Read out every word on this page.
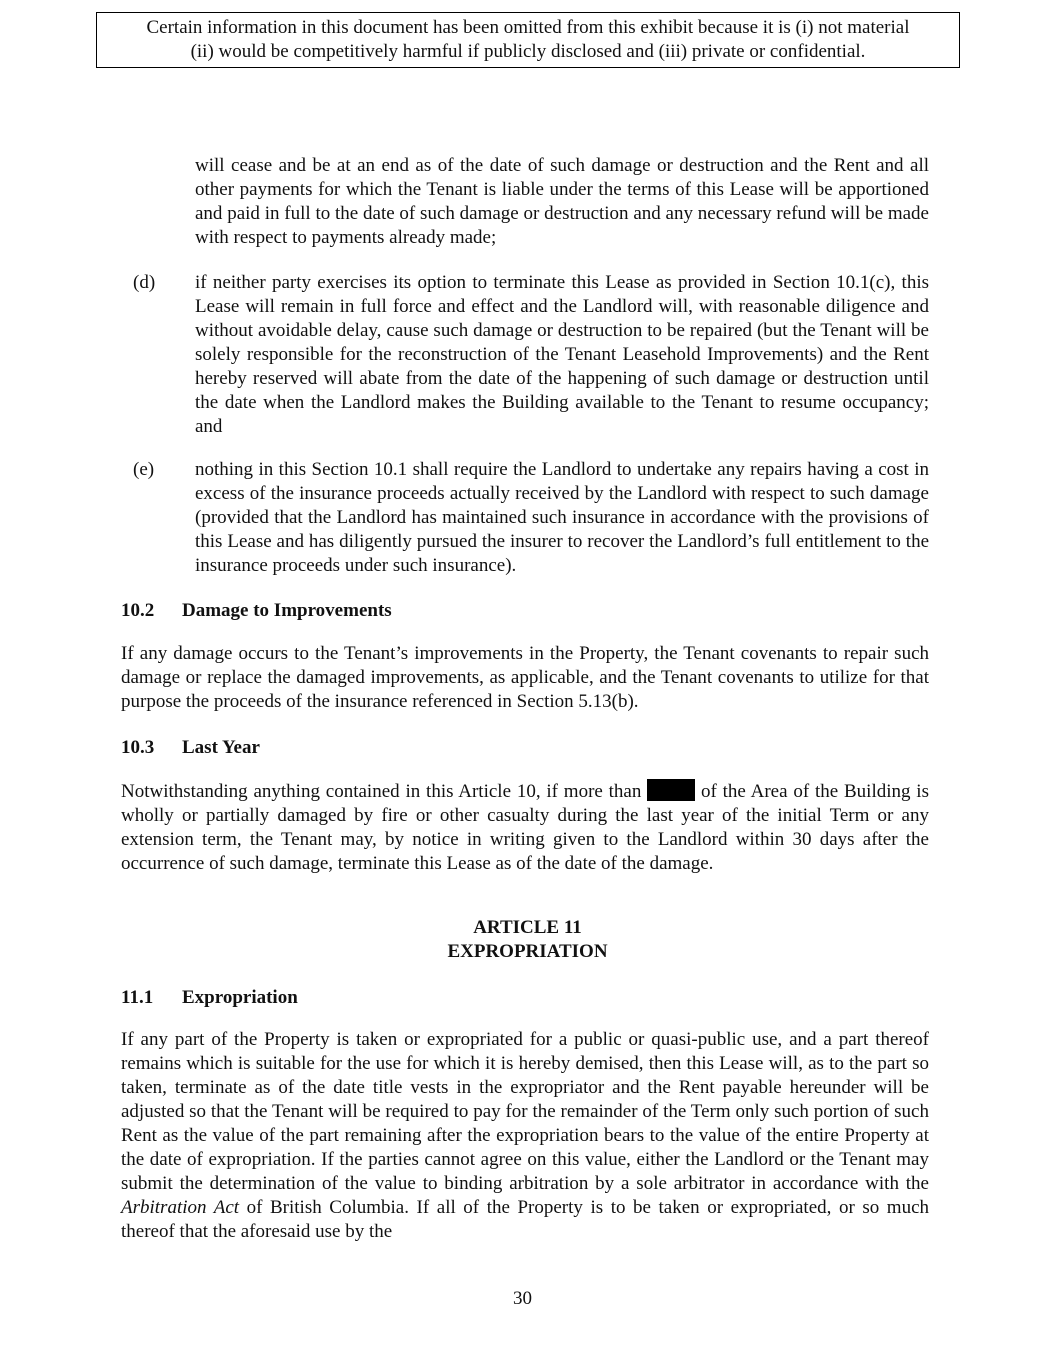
Certain information in this document has been omitted from this exhibit because it is (i) not material
(ii) would be competitively harmful if publicly disclosed and (iii) private or confidential.
will cease and be at an end as of the date of such damage or destruction and the Rent and all other payments for which the Tenant is liable under the terms of this Lease will be apportioned and paid in full to the date of such damage or destruction and any necessary refund will be made with respect to payments already made;
(d) if neither party exercises its option to terminate this Lease as provided in Section 10.1(c), this Lease will remain in full force and effect and the Landlord will, with reasonable diligence and without avoidable delay, cause such damage or destruction to be repaired (but the Tenant will be solely responsible for the reconstruction of the Tenant Leasehold Improvements) and the Rent hereby reserved will abate from the date of the happening of such damage or destruction until the date when the Landlord makes the Building available to the Tenant to resume occupancy; and
(e) nothing in this Section 10.1 shall require the Landlord to undertake any repairs having a cost in excess of the insurance proceeds actually received by the Landlord with respect to such damage (provided that the Landlord has maintained such insurance in accordance with the provisions of this Lease and has diligently pursued the insurer to recover the Landlord’s full entitlement to the insurance proceeds under such insurance).
10.2 Damage to Improvements
If any damage occurs to the Tenant’s improvements in the Property, the Tenant covenants to repair such damage or replace the damaged improvements, as applicable, and the Tenant covenants to utilize for that purpose the proceeds of the insurance referenced in Section 5.13(b).
10.3 Last Year
Notwithstanding anything contained in this Article 10, if more than	of the Area of the Building is wholly or partially damaged by fire or other casualty during the last year of the initial Term or any extension term, the Tenant may, by notice in writing given to the Landlord within 30 days after the occurrence of such damage, terminate this Lease as of the date of the damage.
ARTICLE 11
EXPROPRIATION
11.1 Expropriation
If any part of the Property is taken or expropriated for a public or quasi-public use, and a part thereof remains which is suitable for the use for which it is hereby demised, then this Lease will, as to the part so taken, terminate as of the date title vests in the expropriator and the Rent payable hereunder will be adjusted so that the Tenant will be required to pay for the remainder of the Term only such portion of such Rent as the value of the part remaining after the expropriation bears to the value of the entire Property at the date of expropriation. If the parties cannot agree on this value, either the Landlord or the Tenant may submit the determination of the value to binding arbitration by a sole arbitrator in accordance with the Arbitration Act of British Columbia. If all of the Property is to be taken or expropriated, or so much thereof that the aforesaid use by the
30
